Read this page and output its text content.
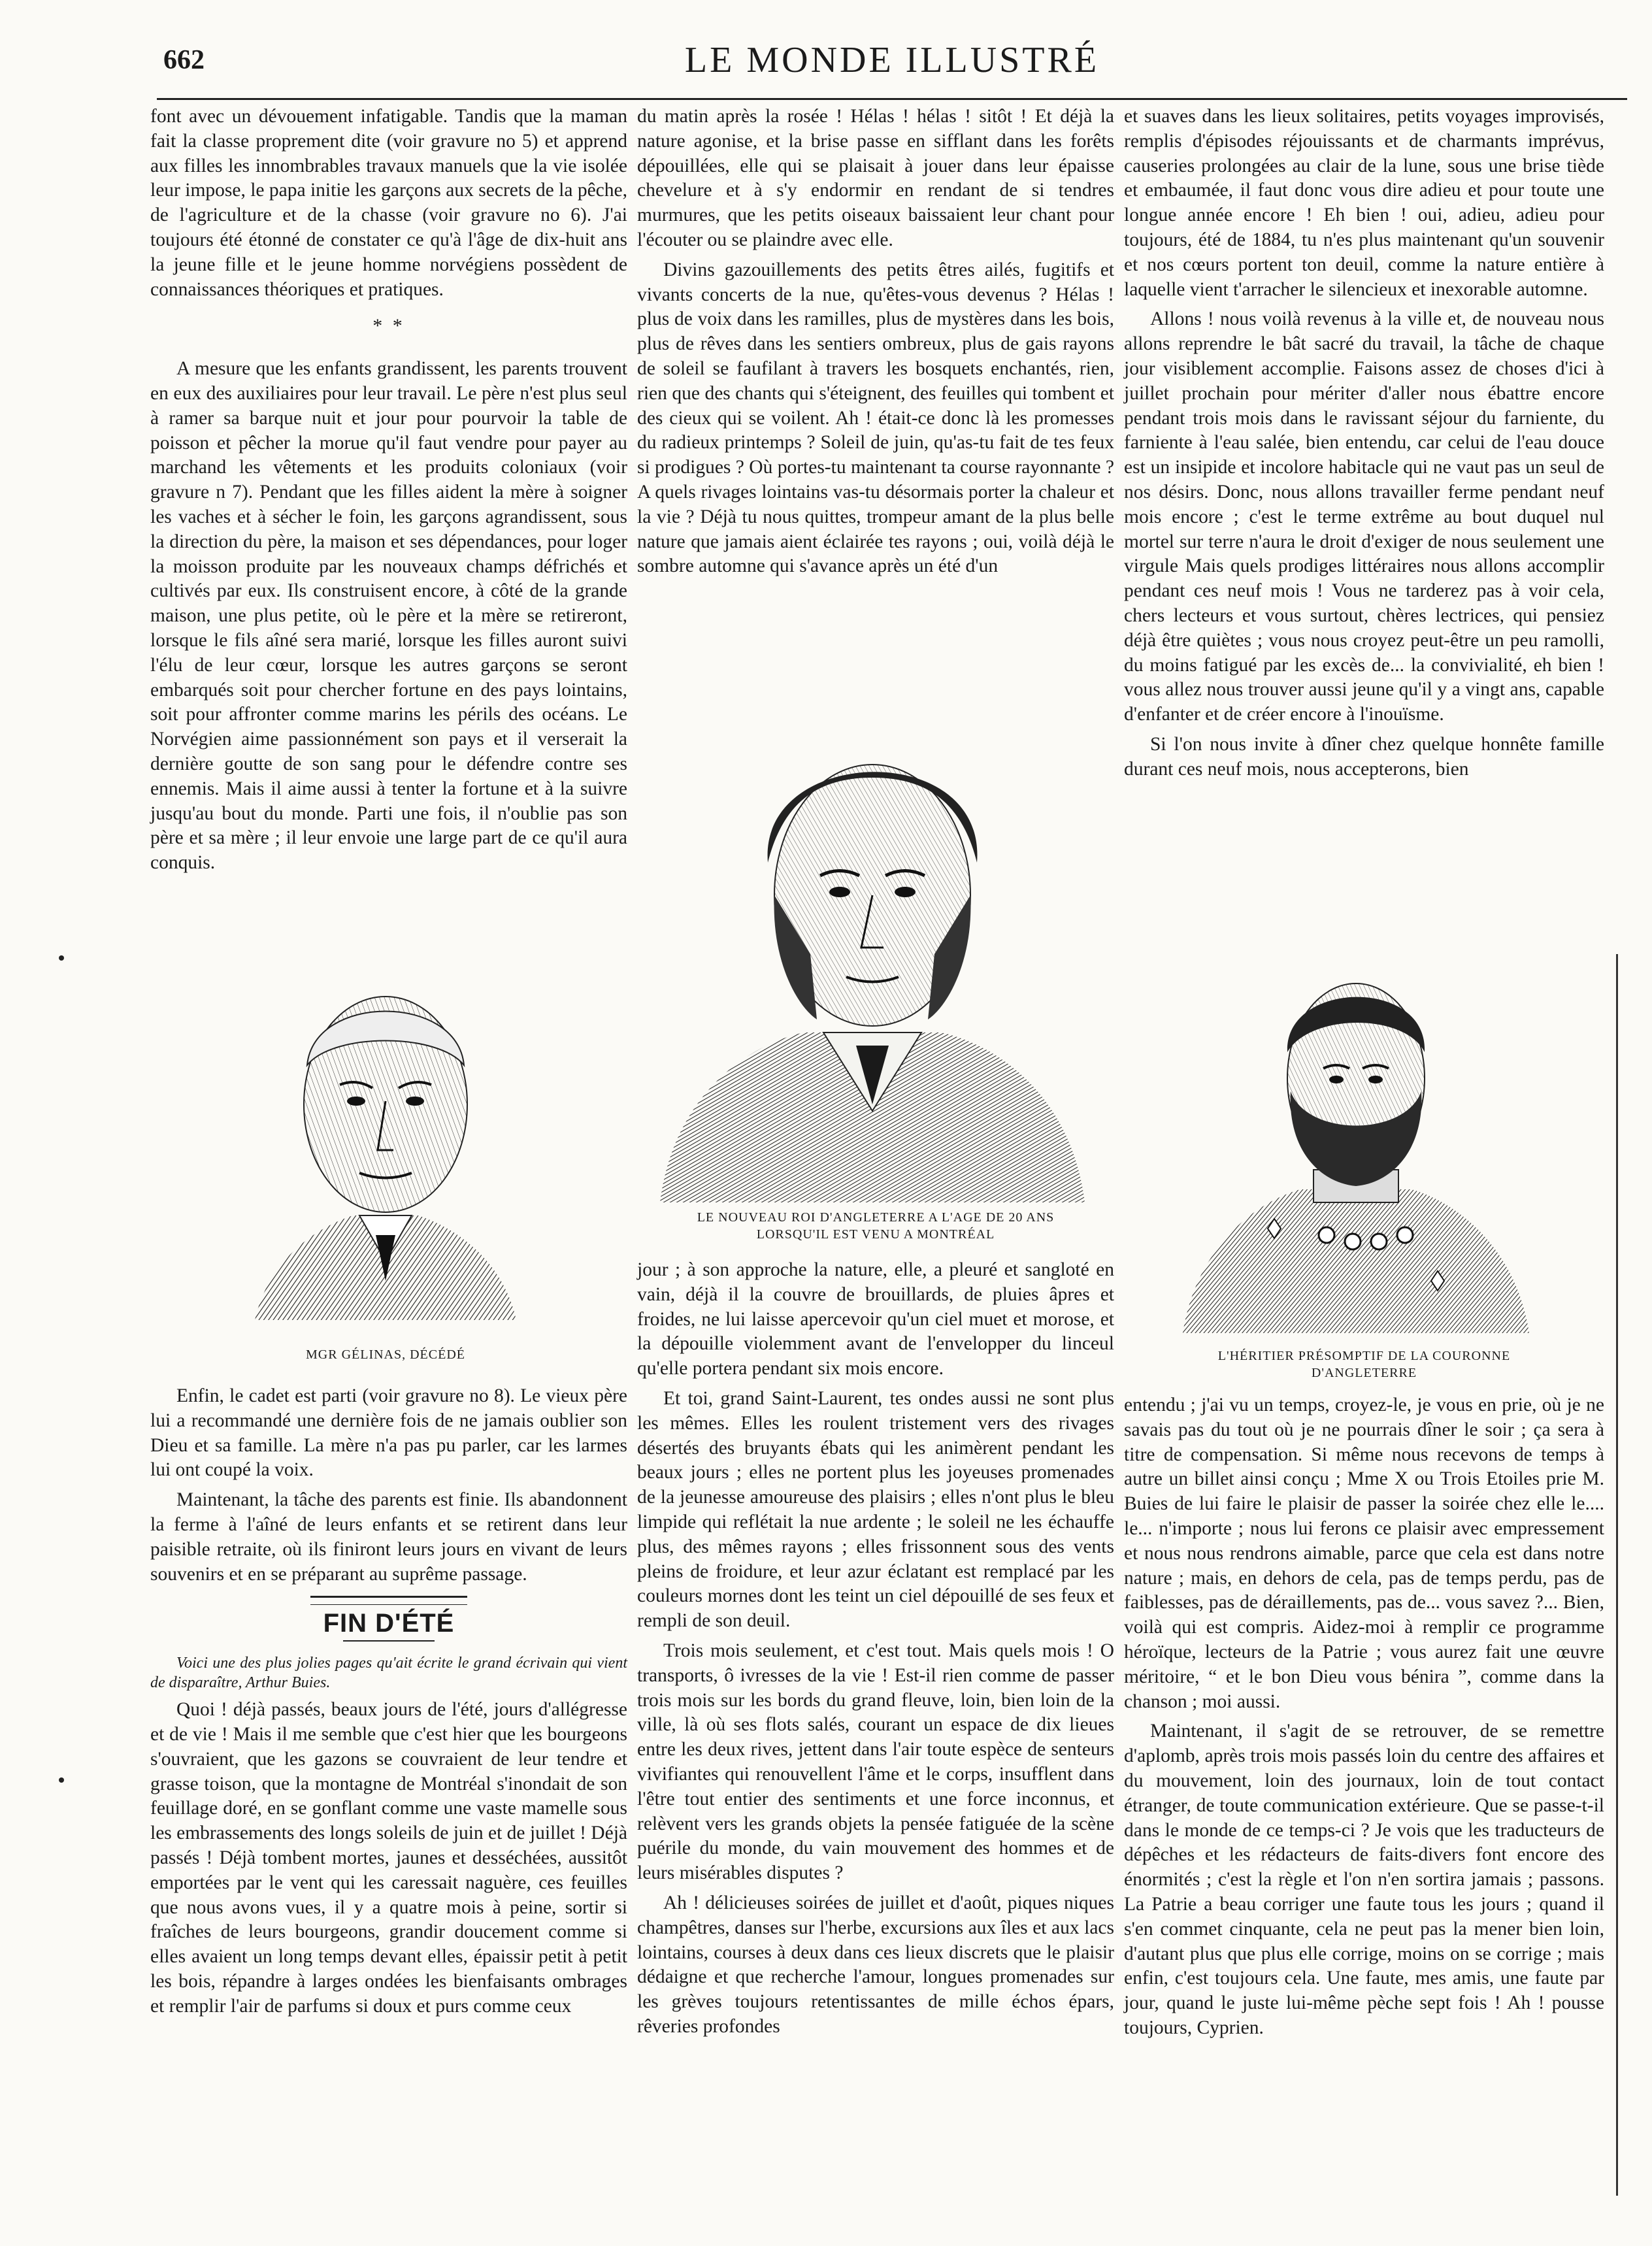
662	LE MONDE ILLUSTRÉ

font avec un dévouement infatigable. Tandis que la maman fait la classe proprement dite (voir gravure no 5) et apprend aux filles les innombrables travaux manuels que la vie isolée leur impose, le papa initie les garçons aux secrets de la pêche, de l'agriculture et de la chasse (voir gravure no 6). J'ai toujours été étonné de constater ce qu'à l'âge de dix-huit ans la jeune fille et le jeune homme norvégiens possèdent de connaissances théoriques et pratiques.

* *

A mesure que les enfants grandissent, les parents trouvent en eux des auxiliaires pour leur travail. Le père n'est plus seul à ramer sa barque nuit et jour pour pourvoir la table de poisson et pêcher la morue qu'il faut vendre pour payer au marchand les vêtements et les produits coloniaux (voir gravure n 7). Pendant que les filles aident la mère à soigner les vaches et à sécher le foin, les garçons agrandissent, sous la direction du père, la maison et ses dépendances, pour loger la moisson produite par les nouveaux champs défrichés et cultivés par eux. Ils construisent encore, à côté de la grande maison, une plus petite, où le père et la mère se retireront, lorsque le fils aîné sera marié, lorsque les filles auront suivi l'élu de leur cœur, lorsque les autres garçons se seront embarqués soit pour chercher fortune en des pays lointains, soit pour affronter comme marins les périls des océans. Le Norvégien aime passionnément son pays et il verserait la dernière goutte de son sang pour le défendre contre ses ennemis. Mais il aime aussi à tenter la fortune et à la suivre jusqu'au bout du monde. Parti une fois, il n'oublie pas son père et sa mère ; il leur envoie une large part de ce qu'il aura conquis.

MGR GÉLINAS, DÉCÉDÉ

Enfin, le cadet est parti (voir gravure no 8). Le vieux père lui a recommandé une dernière fois de ne jamais oublier son Dieu et sa famille. La mère n'a pas pu parler, car les larmes lui ont coupé la voix.

Maintenant, la tâche des parents est finie. Ils abandonnent la ferme à l'aîné de leurs enfants et se retirent dans leur paisible retraite, où ils finiront leurs jours en vivant de leurs souvenirs et en se préparant au suprême passage.

FIN D'ÉTÉ

Voici une des plus jolies pages qu'ait écrite le grand écrivain qui vient de disparaître, Arthur Buies.

Quoi ! déjà passés, beaux jours de l'été, jours d'allégresse et de vie ! Mais il me semble que c'est hier que les bourgeons s'ouvraient, que les gazons se couvraient de leur tendre et grasse toison, que la montagne de Montréal s'inondait de son feuillage doré, en se gonflant comme une vaste mamelle sous les embrassements des longs soleils de juin et de juillet ! Déjà passés ! Déjà tombent mortes, jaunes et desséchées, aussitôt emportées par le vent qui les caressait naguère, ces feuilles que nous avons vues, il y a quatre mois à peine, sortir si fraîches de leurs bourgeons, grandir doucement comme si elles avaient un long temps devant elles, épaissir petit à petit les bois, répandre à larges ondées les bienfaisants ombrages et remplir l'air de parfums si doux et purs comme ceux

du matin après la rosée ! Hélas ! hélas ! sitôt ! Et déjà la nature agonise, et la brise passe en sifflant dans les forêts dépouillées, elle qui se plaisait à jouer dans leur épaisse chevelure et à s'y endormir en rendant de si tendres murmures, que les petits oiseaux baissaient leur chant pour l'écouter ou se plaindre avec elle.

Divins gazouillements des petits êtres ailés, fugitifs et vivants concerts de la nue, qu'êtes-vous devenus ? Hélas ! plus de voix dans les ramilles, plus de mystères dans les bois, plus de rêves dans les sentiers ombreux, plus de gais rayons de soleil se faufilant à travers les bosquets enchantés, rien, rien que des chants qui s'éteignent, des feuilles qui tombent et des cieux qui se voilent. Ah ! était-ce donc là les promesses du radieux printemps ? Soleil de juin, qu'as-tu fait de tes feux si prodigues ? Où portes-tu maintenant ta course rayonnante ? A quels rivages lointains vas-tu désormais porter la chaleur et la vie ? Déjà tu nous quittes, trompeur amant de la plus belle nature que jamais aient éclairée tes rayons ; oui, voilà déjà le sombre automne qui s'avance après un été d'un

LE NOUVEAU ROI D'ANGLETERRE A L'AGE DE 20 ANS
LORSQU'IL EST VENU A MONTRÉAL

jour ; à son approche la nature, elle, a pleuré et sangloté en vain, déjà il la couvre de brouillards, de pluies âpres et froides, ne lui laisse apercevoir qu'un ciel muet et morose, et la dépouille violemment avant de l'envelopper du linceul qu'elle portera pendant six mois encore.

Et toi, grand Saint-Laurent, tes ondes aussi ne sont plus les mêmes. Elles les roulent tristement vers des rivages désertés des bruyants ébats qui les animèrent pendant les beaux jours ; elles ne portent plus les joyeuses promenades de la jeunesse amoureuse des plaisirs ; elles n'ont plus le bleu limpide qui reflétait la nue ardente ; le soleil ne les échauffe plus, des mêmes rayons ; elles frissonnent sous des vents pleins de froidure, et leur azur éclatant est remplacé par les couleurs mornes dont les teint un ciel dépouillé de ses feux et rempli de son deuil.

Trois mois seulement, et c'est tout. Mais quels mois ! O transports, ô ivresses de la vie ! Est-il rien comme de passer trois mois sur les bords du grand fleuve, loin, bien loin de la ville, là où ses flots salés, courant un espace de dix lieues entre les deux rives, jettent dans l'air toute espèce de senteurs vivifiantes qui renouvellent l'âme et le corps, insufflent dans l'être tout entier des sentiments et une force inconnus, et relèvent vers les grands objets la pensée fatiguée de la scène puérile du monde, du vain mouvement des hommes et de leurs misérables disputes ?

Ah ! délicieuses soirées de juillet et d'août, piques niques champêtres, danses sur l'herbe, excursions aux îles et aux lacs lointains, courses à deux dans ces lieux discrets que le plaisir dédaigne et que recherche l'amour, longues promenades sur les grèves toujours retentissantes de mille échos épars, rêveries profondes

et suaves dans les lieux solitaires, petits voyages improvisés, remplis d'épisodes réjouissants et de charmants imprévus, causeries prolongées au clair de la lune, sous une brise tiède et embaumée, il faut donc vous dire adieu et pour toute une longue année encore ! Eh bien ! oui, adieu, adieu pour toujours, été de 1884, tu n'es plus maintenant qu'un souvenir et nos cœurs portent ton deuil, comme la nature entière à laquelle vient t'arracher le silencieux et inexorable automne.

Allons ! nous voilà revenus à la ville et, de nouveau nous allons reprendre le bât sacré du travail, la tâche de chaque jour visiblement accomplie. Faisons assez de choses d'ici à juillet prochain pour mériter d'aller nous ébattre encore pendant trois mois dans le ravissant séjour du farniente, du farniente à l'eau salée, bien entendu, car celui de l'eau douce est un insipide et incolore habitacle qui ne vaut pas un seul de nos désirs. Donc, nous allons travailler ferme pendant neuf mois encore ; c'est le terme extrême au bout duquel nul mortel sur terre n'aura le droit d'exiger de nous seulement une virgule Mais quels prodiges littéraires nous allons accomplir pendant ces neuf mois ! Vous ne tarderez pas à voir cela, chers lecteurs et vous surtout, chères lectrices, qui pensiez déjà être quiètes ; vous nous croyez peut-être un peu ramolli, du moins fatigué par les excès de... la convivialité, eh bien ! vous allez nous trouver aussi jeune qu'il y a vingt ans, capable d'enfanter et de créer encore à l'inouïsme.

Si l'on nous invite à dîner chez quelque honnête famille durant ces neuf mois, nous accepterons, bien

L'HÉRITIER PRÉSOMPTIF DE LA COURONNE
D'ANGLETERRE

entendu ; j'ai vu un temps, croyez-le, je vous en prie, où je ne savais pas du tout où je ne pourrais dîner le soir ; ça sera à titre de compensation. Si même nous recevons de temps à autre un billet ainsi conçu ; Mme X ou Trois Etoiles prie M. Buies de lui faire le plaisir de passer la soirée chez elle le.... le... n'importe ; nous lui ferons ce plaisir avec empressement et nous nous rendrons aimable, parce que cela est dans notre nature ; mais, en dehors de cela, pas de temps perdu, pas de faiblesses, pas de déraillements, pas de... vous savez ?... Bien, voilà qui est compris. Aidez-moi à remplir ce programme héroïque, lecteurs de la Patrie ; vous aurez fait une œuvre méritoire, “ et le bon Dieu vous bénira ”, comme dans la chanson ; moi aussi.

Maintenant, il s'agit de se retrouver, de se remettre d'aplomb, après trois mois passés loin du centre des affaires et du mouvement, loin des journaux, loin de tout contact étranger, de toute communication extérieure. Que se passe-t-il dans le monde de ce temps-ci ? Je vois que les traducteurs de dépêches et les rédacteurs de faits-divers font encore des énormités ; c'est la règle et l'on n'en sortira jamais ; passons. La Patrie a beau corriger une faute tous les jours ; quand il s'en commet cinquante, cela ne peut pas la mener bien loin, d'autant plus que plus elle corrige, moins on se corrige ; mais enfin, c'est toujours cela. Une faute, mes amis, une faute par jour, quand le juste lui-même pèche sept fois ! Ah ! pousse toujours, Cyprien.
